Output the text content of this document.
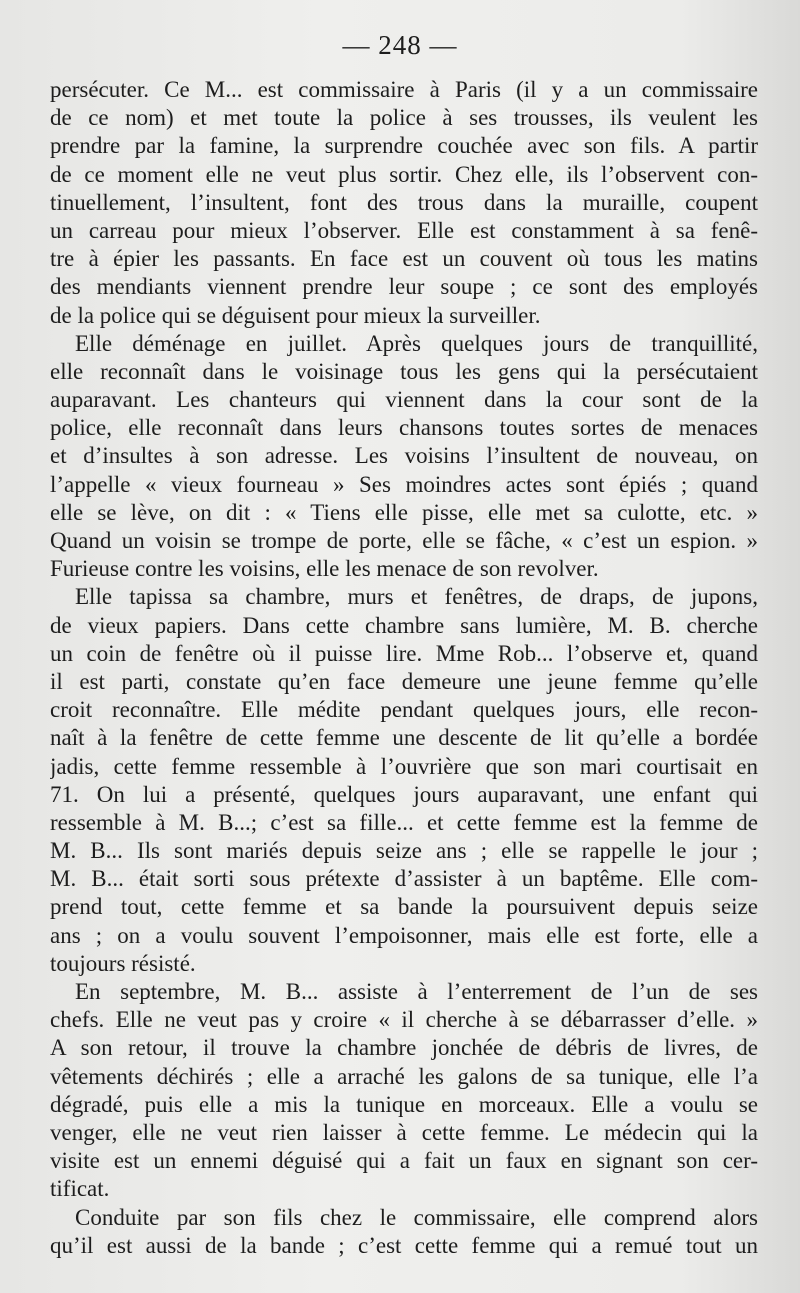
— 248 —
persécuter. Ce M... est commissaire à Paris (il y a un commissaire
de ce nom) et met toute la police à ses trousses, ils veulent les
prendre par la famine, la surprendre couchée avec son fils. A partir
de ce moment elle ne veut plus sortir. Chez elle, ils l’observent con-
tinuellement, l’insultent, font des trous dans la muraille, coupent
un carreau pour mieux l’observer. Elle est constamment à sa fenê-
tre à épier les passants. En face est un couvent où tous les matins
des mendiants viennent prendre leur soupe ; ce sont des employés
de la police qui se déguisent pour mieux la surveiller.
Elle déménage en juillet. Après quelques jours de tranquillité,
elle reconnaît dans le voisinage tous les gens qui la persécutaient
auparavant. Les chanteurs qui viennent dans la cour sont de la
police, elle reconnaît dans leurs chansons toutes sortes de menaces
et d’insultes à son adresse. Les voisins l’insultent de nouveau, on
l’appelle « vieux fourneau » Ses moindres actes sont épiés ; quand
elle se lève, on dit : « Tiens elle pisse, elle met sa culotte, etc. »
Quand un voisin se trompe de porte, elle se fâche, « c’est un espion. »
Furieuse contre les voisins, elle les menace de son revolver.
Elle tapissa sa chambre, murs et fenêtres, de draps, de jupons,
de vieux papiers. Dans cette chambre sans lumière, M. B. cherche
un coin de fenêtre où il puisse lire. Mme Rob... l’observe et, quand
il est parti, constate qu’en face demeure une jeune femme qu’elle
croit reconnaître. Elle médite pendant quelques jours, elle recon-
naît à la fenêtre de cette femme une descente de lit qu’elle a bordée
jadis, cette femme ressemble à l’ouvrière que son mari courtisait en
71. On lui a présenté, quelques jours auparavant, une enfant qui
ressemble à M. B...; c’est sa fille... et cette femme est la femme de
M. B... Ils sont mariés depuis seize ans ; elle se rappelle le jour ;
M. B... était sorti sous prétexte d’assister à un baptême. Elle com-
prend tout, cette femme et sa bande la poursuivent depuis seize
ans ; on a voulu souvent l’empoisonner, mais elle est forte, elle a
toujours résisté.
En septembre, M. B... assiste à l’enterrement de l’un de ses
chefs. Elle ne veut pas y croire « il cherche à se débarrasser d’elle. »
A son retour, il trouve la chambre jonchée de débris de livres, de
vêtements déchirés ; elle a arraché les galons de sa tunique, elle l’a
dégradé, puis elle a mis la tunique en morceaux. Elle a voulu se
venger, elle ne veut rien laisser à cette femme. Le médecin qui la
visite est un ennemi déguisé qui a fait un faux en signant son cer-
tificat.
Conduite par son fils chez le commissaire, elle comprend alors
qu’il est aussi de la bande ; c’est cette femme qui a remué tout un
